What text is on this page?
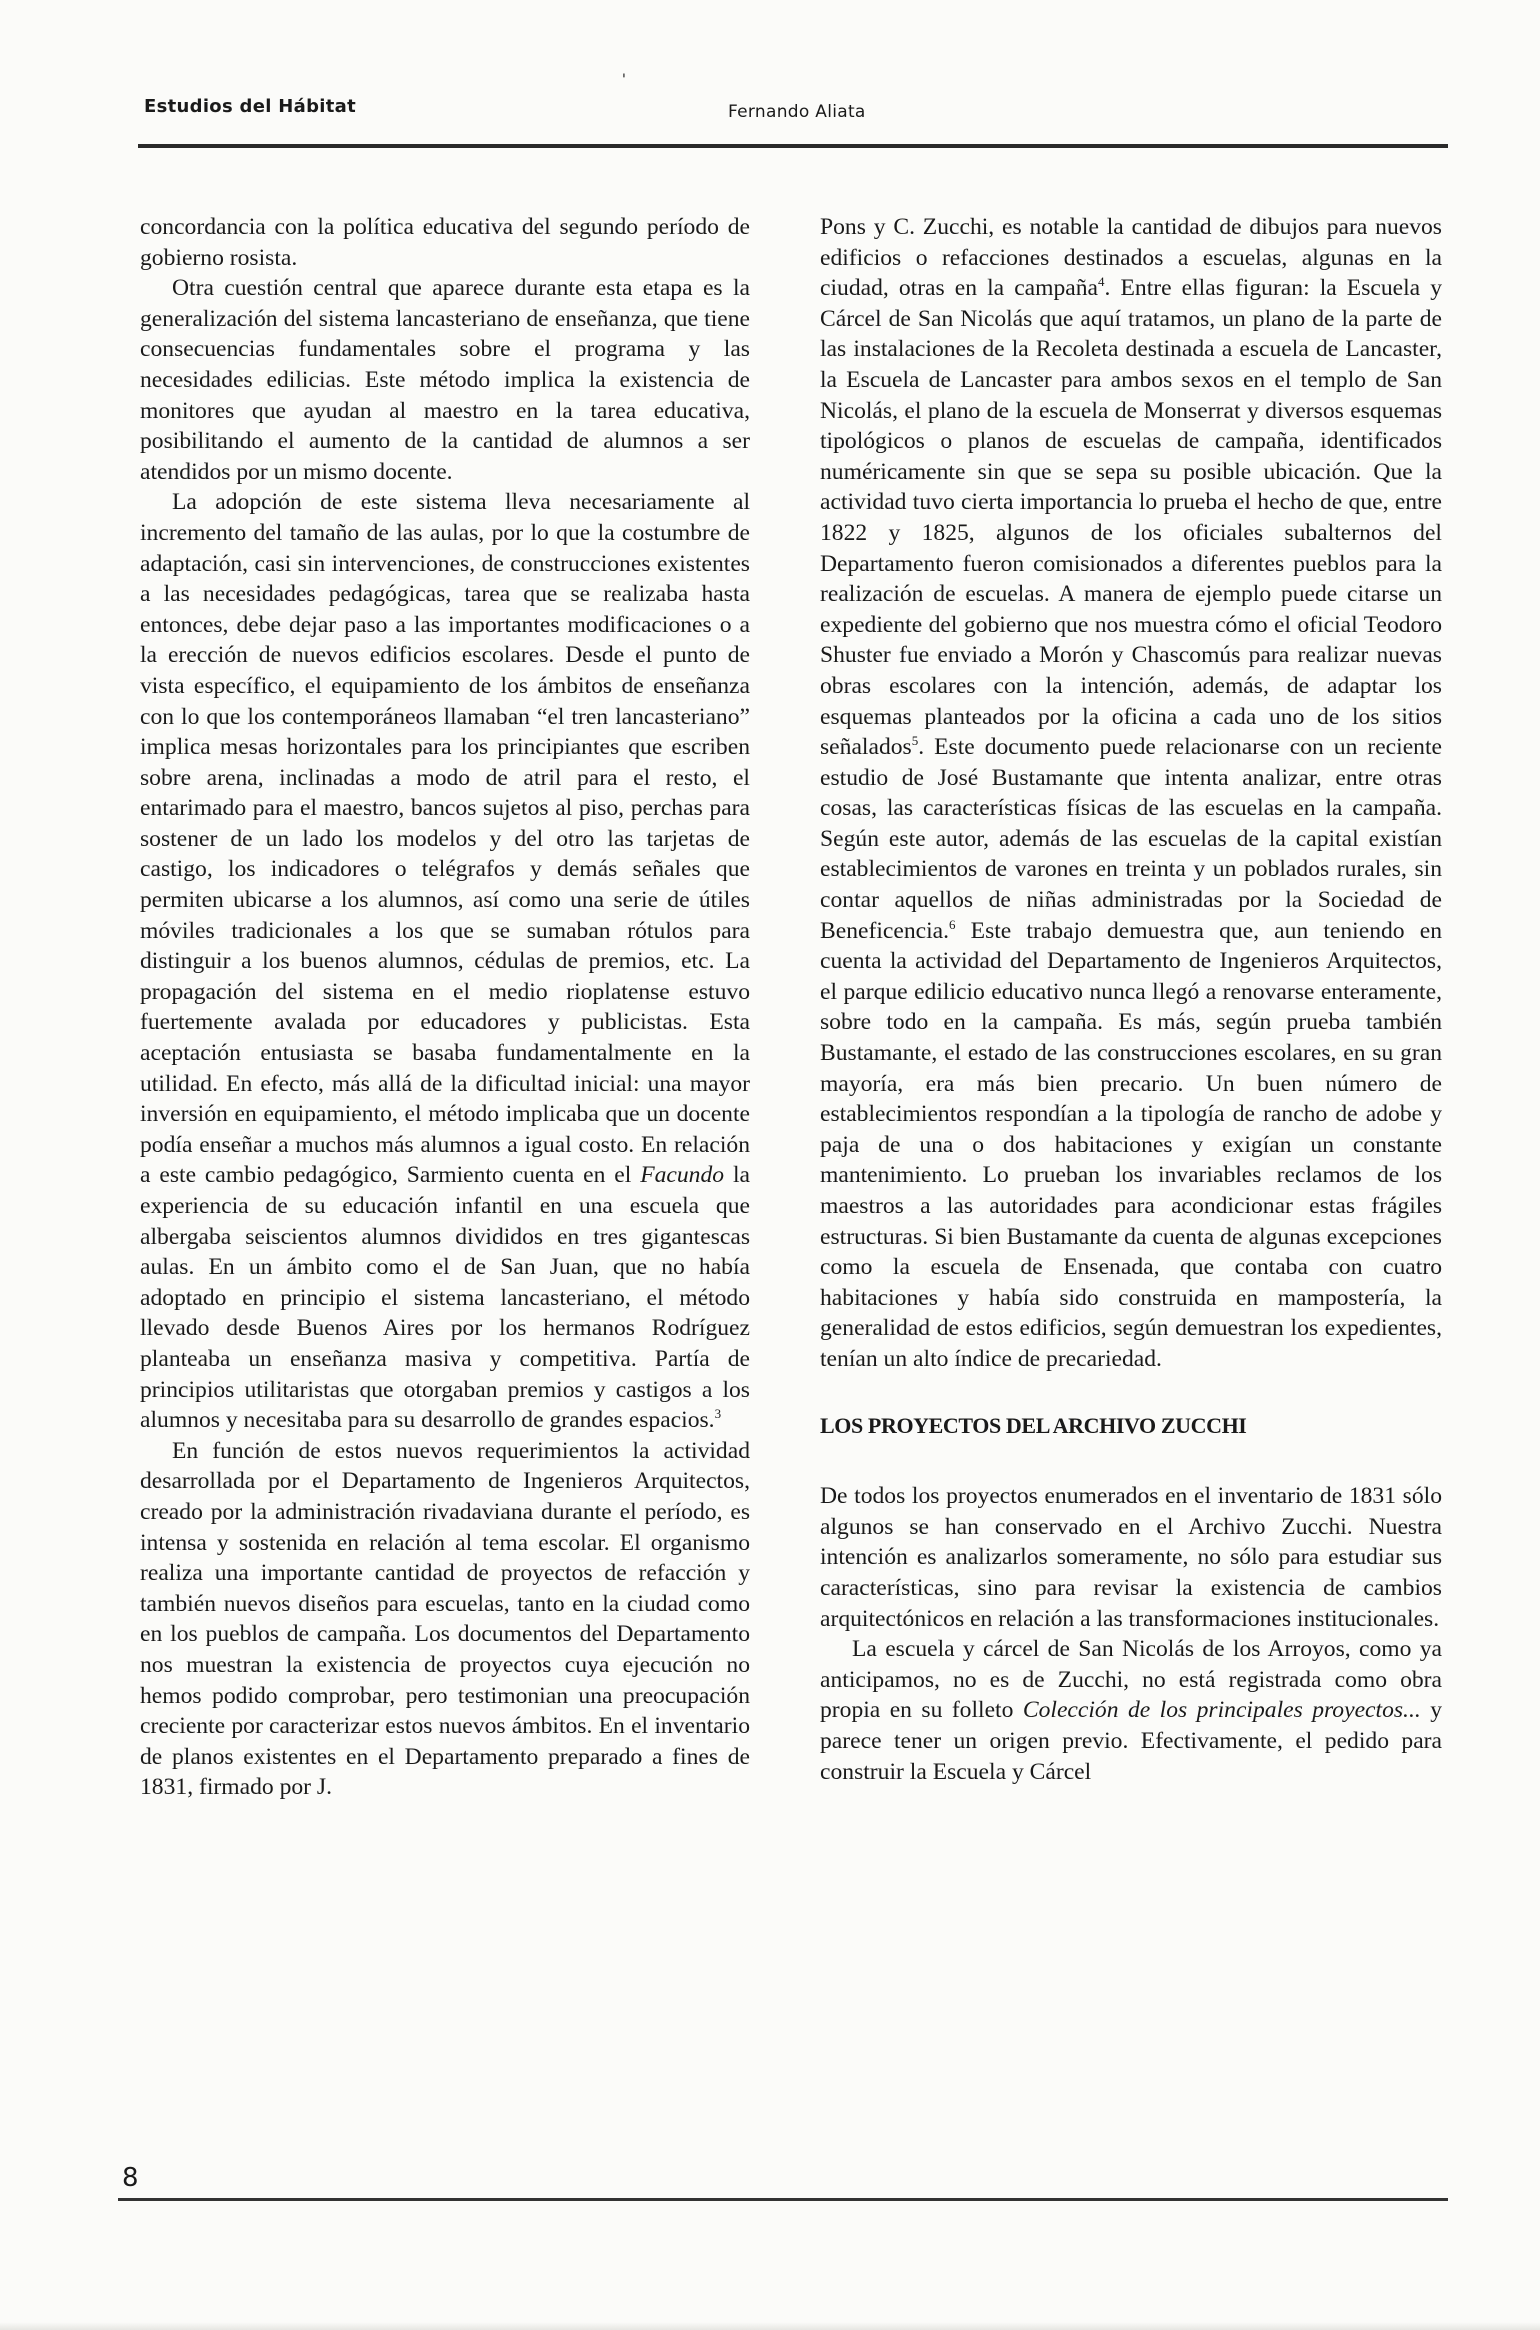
Estudios del Hábitat
'
Fernando Aliata

concordancia con la política educativa del segundo período de gobierno rosista.

Otra cuestión central que aparece durante esta etapa es la generalización del sistema lancasteriano de enseñanza, que tiene consecuencias fundamentales sobre el programa y las necesidades edilicias. Este método implica la existencia de monitores que ayudan al maestro en la tarea educativa, posibilitando el aumento de la cantidad de alumnos a ser atendidos por un mismo docente.

La adopción de este sistema lleva necesariamente al incremento del tamaño de las aulas, por lo que la costumbre de adaptación, casi sin intervenciones, de construcciones existentes a las necesidades pedagógicas, tarea que se realizaba hasta entonces, debe dejar paso a las importantes modificaciones o a la erección de nuevos edificios escolares. Desde el punto de vista específico, el equipamiento de los ámbitos de enseñanza con lo que los contemporáneos llamaban “el tren lancasteriano” implica mesas horizontales para los principiantes que escriben sobre arena, inclinadas a modo de atril para el resto, el entarimado para el maestro, bancos sujetos al piso, perchas para sostener de un lado los modelos y del otro las tarjetas de castigo, los indicadores o telégrafos y demás señales que permiten ubicarse a los alumnos, así como una serie de útiles móviles tradicionales a los que se sumaban rótulos para distinguir a los buenos alumnos, cédulas de premios, etc. La propagación del sistema en el medio rioplatense estuvo fuertemente avalada por educadores y publicistas. Esta aceptación entusiasta se basaba fundamentalmente en la utilidad. En efecto, más allá de la dificultad inicial: una mayor inversión en equipamiento, el método implicaba que un docente podía enseñar a muchos más alumnos a igual costo. En relación a este cambio pedagógico, Sarmiento cuenta en el Facundo la experiencia de su educación infantil en una escuela que albergaba seiscientos alumnos divididos en tres gigantescas aulas. En un ámbito como el de San Juan, que no había adoptado en principio el sistema lancasteriano, el método llevado desde Buenos Aires por los hermanos Rodríguez planteaba un enseñanza masiva y competitiva. Partía de principios utilitaristas que otorgaban premios y castigos a los alumnos y necesitaba para su desarrollo de grandes espacios.$^3$

En función de estos nuevos requerimientos la actividad desarrollada por el Departamento de Ingenieros Arquitectos, creado por la administración rivadaviana durante el período, es intensa y sostenida en relación al tema escolar. El organismo realiza una importante cantidad de proyectos de refacción y también nuevos diseños para escuelas, tanto en la ciudad como en los pueblos de campaña. Los documentos del Departamento nos muestran la existencia de proyectos cuya ejecución no hemos podido comprobar, pero testimonian una preocupación creciente por caracterizar estos nuevos ámbitos. En el inventario de planos existentes en el Departamento preparado a fines de 1831, firmado por J.

Pons y C. Zucchi, es notable la cantidad de dibujos para nuevos edificios o refacciones destinados a escuelas, algunas en la ciudad, otras en la campaña$^4$. Entre ellas figuran: la Escuela y Cárcel de San Nicolás que aquí tratamos, un plano de la parte de las instalaciones de la Recoleta destinada a escuela de Lancaster, la Escuela de Lancaster para ambos sexos en el templo de San Nicolás, el plano de la escuela de Monserrat y diversos esquemas tipológicos o planos de escuelas de campaña, identificados numéricamente sin que se sepa su posible ubicación. Que la actividad tuvo cierta importancia lo prueba el hecho de que, entre 1822 y 1825, algunos de los oficiales subalternos del Departamento fueron comisionados a diferentes pueblos para la realización de escuelas. A manera de ejemplo puede citarse un expediente del gobierno que nos muestra cómo el oficial Teodoro Shuster fue enviado a Morón y Chascomús para realizar nuevas obras escolares con la intención, además, de adaptar los esquemas planteados por la oficina a cada uno de los sitios señalados$^5$. Este documento puede relacionarse con un reciente estudio de José Bustamante que intenta analizar, entre otras cosas, las características físicas de las escuelas en la campaña. Según este autor, además de las escuelas de la capital existían establecimientos de varones en treinta y un poblados rurales, sin contar aquellos de niñas administradas por la Sociedad de Beneficencia.$^6$ Este trabajo demuestra que, aun teniendo en cuenta la actividad del Departamento de Ingenieros Arquitectos, el parque edilicio educativo nunca llegó a renovarse enteramente, sobre todo en la campaña. Es más, según prueba también Bustamante, el estado de las construcciones escolares, en su gran mayoría, era más bien precario. Un buen número de establecimientos respondían a la tipología de rancho de adobe y paja de una o dos habitaciones y exigían un constante mantenimiento. Lo prueban los invariables reclamos de los maestros a las autoridades para acondicionar estas frágiles estructuras. Si bien Bustamante da cuenta de algunas excepciones como la escuela de Ensenada, que contaba con cuatro habitaciones y había sido construida en mampostería, la generalidad de estos edificios, según demuestran los expedientes, tenían un alto índice de precariedad.

LOS PROYECTOS DEL ARCHIVO ZUCCHI

De todos los proyectos enumerados en el inventario de 1831 sólo algunos se han conservado en el Archivo Zucchi. Nuestra intención es analizarlos someramente, no sólo para estudiar sus características, sino para revisar la existencia de cambios arquitectónicos en relación a las transformaciones institucionales.

La escuela y cárcel de San Nicolás de los Arroyos, como ya anticipamos, no es de Zucchi, no está registrada como obra propia en su folleto Colección de los principales proyectos... y parece tener un origen previo. Efectivamente, el pedido para construir la Escuela y Cárcel

8
